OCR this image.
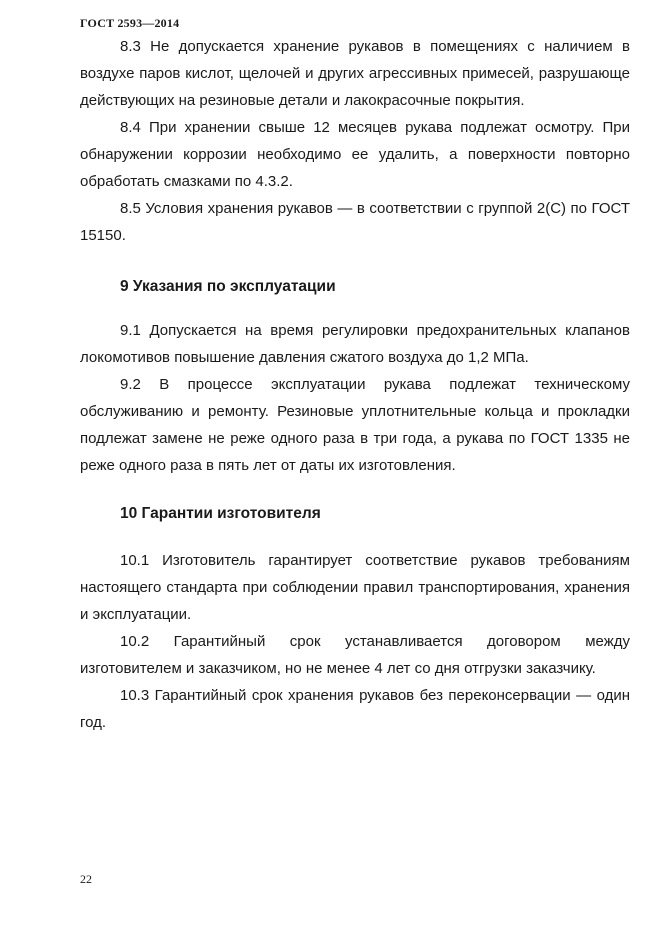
ГОСТ 2593—2014

8.3 Не допускается хранение рукавов в помещениях с наличием в воздухе паров кислот, щелочей и других агрессивных примесей, разрушающе действующих на резиновые детали и лакокрасочные покрытия.

8.4 При хранении свыше 12 месяцев рукава подлежат осмотру. При обнаружении коррозии необходимо ее удалить, а поверхности повторно обработать смазками по 4.3.2.

8.5 Условия хранения рукавов — в соответствии с группой 2(С) по ГОСТ 15150.

9 Указания по эксплуатации

9.1 Допускается на время регулировки предохранительных клапанов локомотивов повышение давления сжатого воздуха до 1,2 МПа.

9.2 В процессе эксплуатации рукава подлежат техническому обслуживанию и ремонту. Резиновые уплотнительные кольца и прокладки подлежат замене не реже одного раза в три года, а рукава по ГОСТ 1335 не реже одного раза в пять лет от даты их изготовления.

10 Гарантии изготовителя

10.1 Изготовитель гарантирует соответствие рукавов требованиям настоящего стандарта при соблюдении правил транспортирования, хранения и эксплуатации.

10.2 Гарантийный срок устанавливается договором между изготовителем и заказчиком, но не менее 4 лет со дня отгрузки заказчику.

10.3 Гарантийный срок хранения рукавов без переконсервации — один год.

22
